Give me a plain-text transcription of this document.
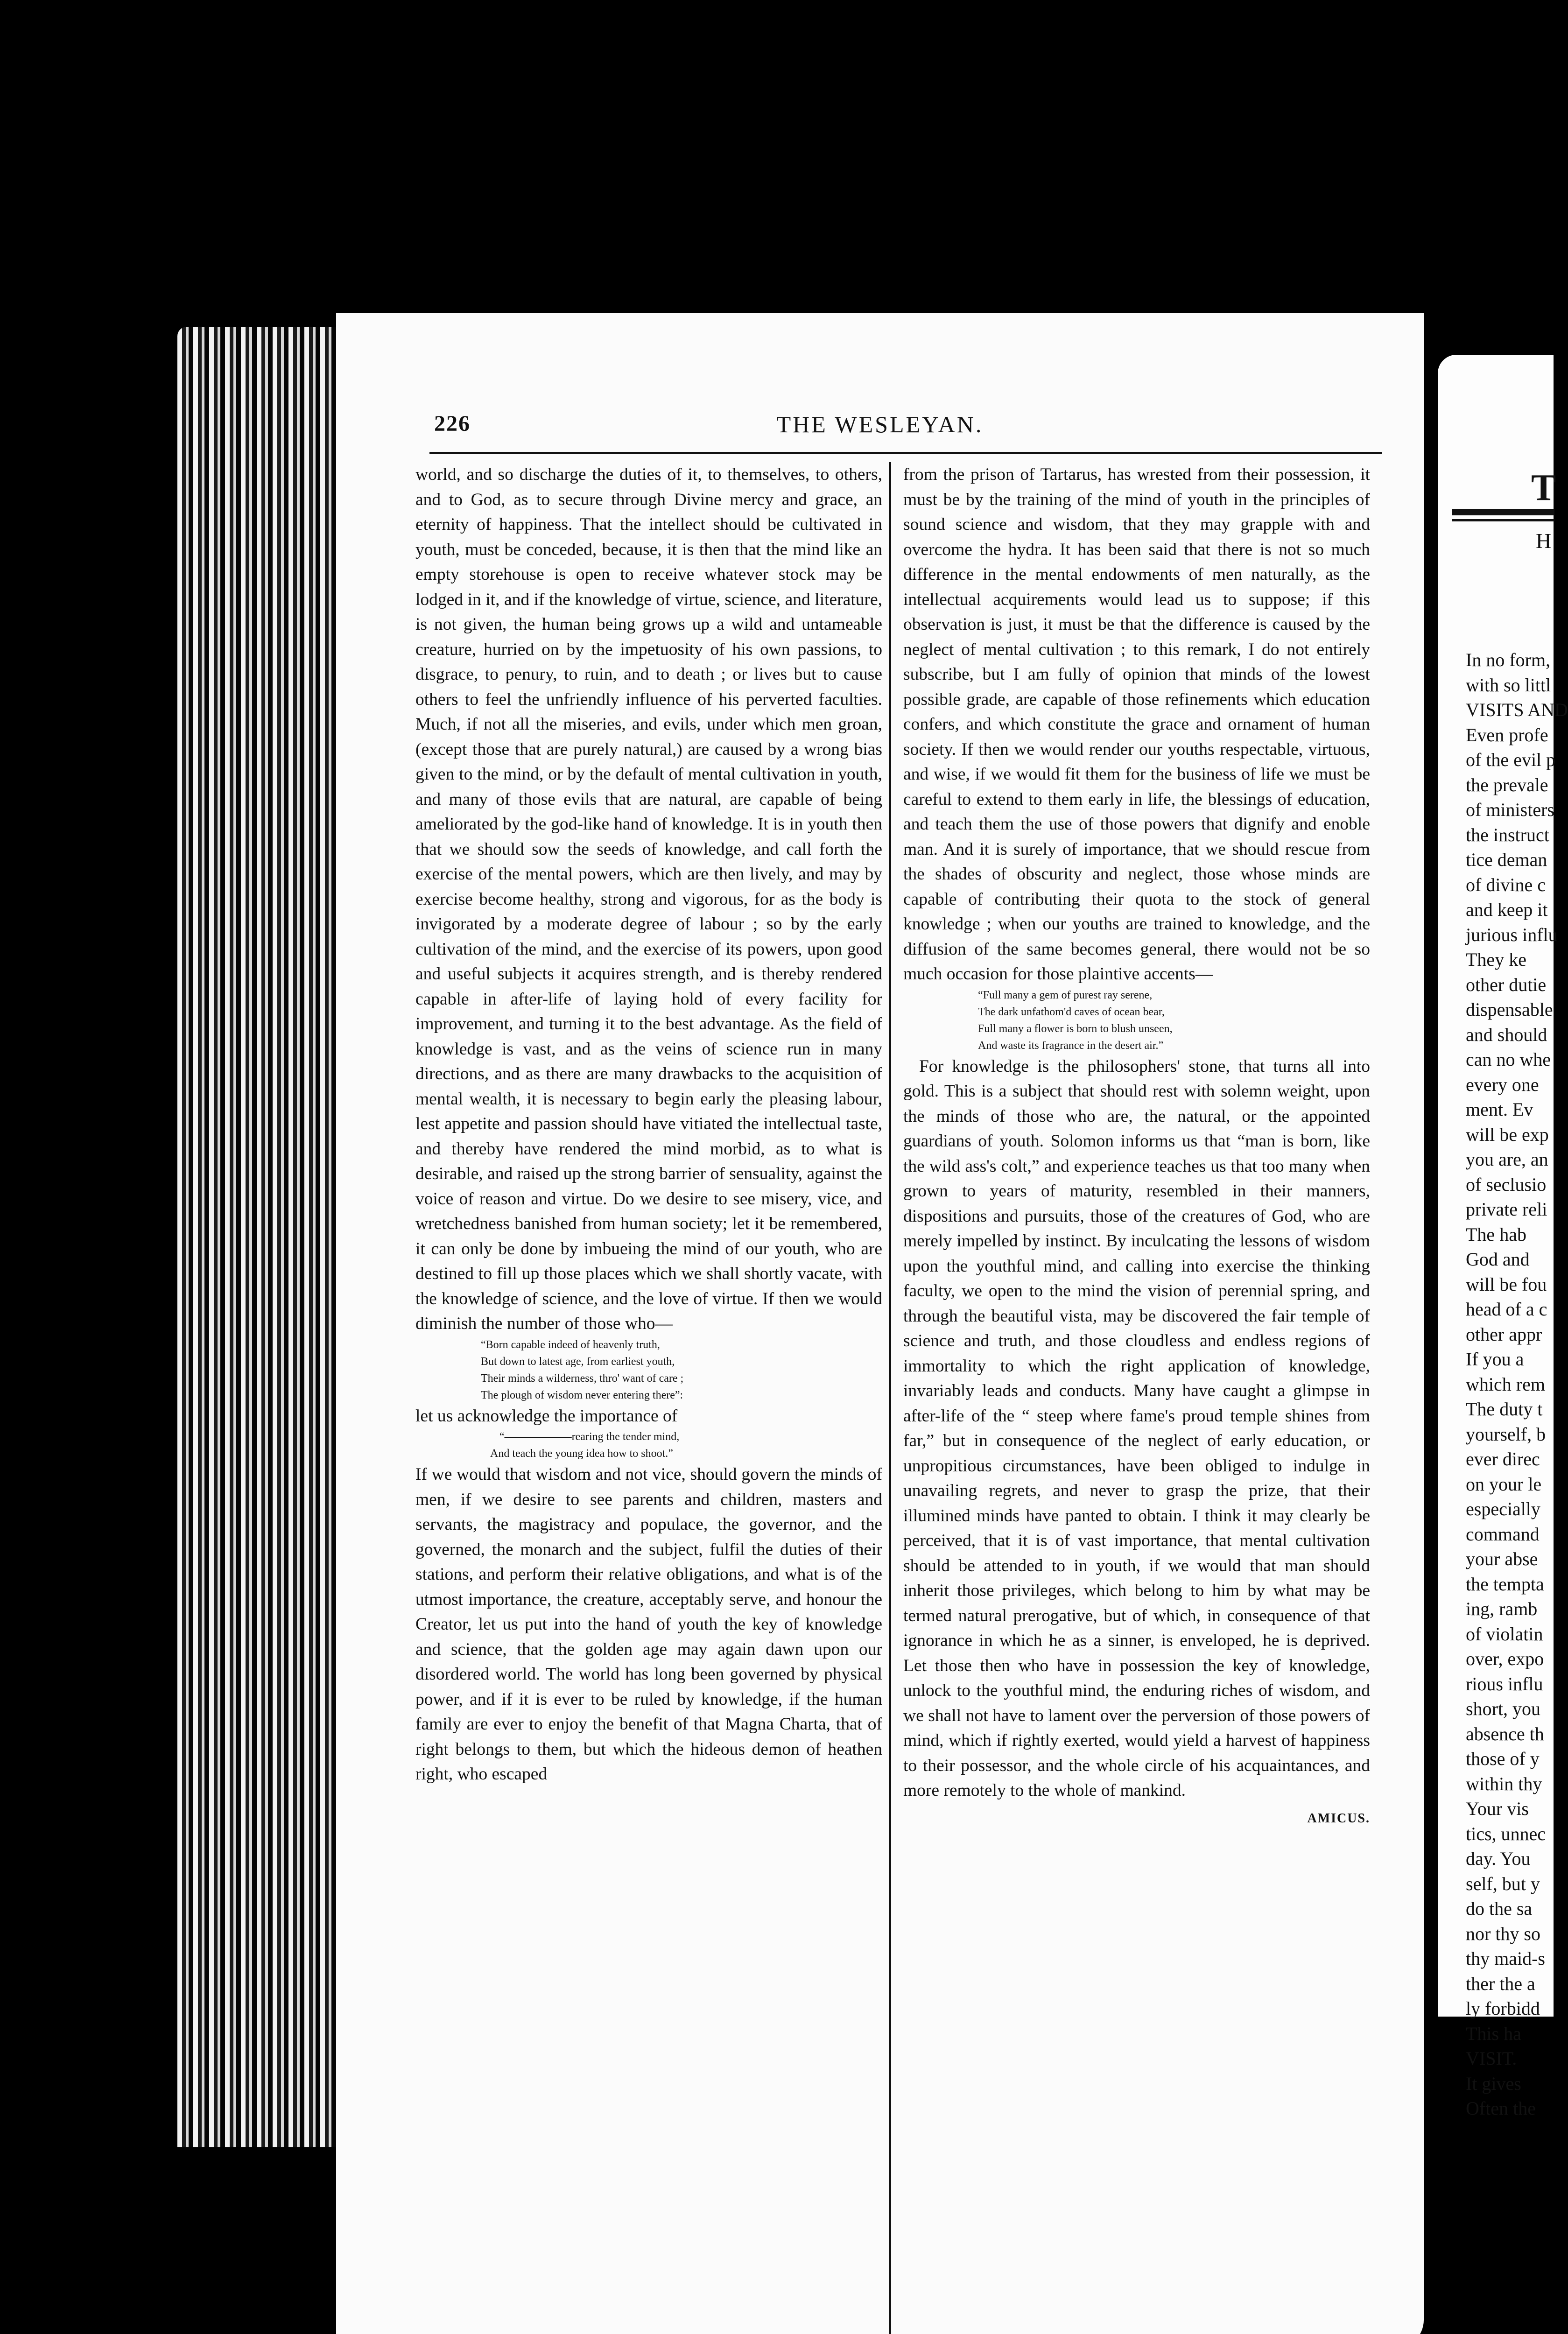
T
H

In no form,
with so littl
VISITS AND
Even profe
of the evil p
the prevale
of ministers
the instruct
tice deman
of divine c
and keep it
jurious influ
They ke
other dutie
dispensable
and should
can no whe
every one
ment. Ev
will be exp
you are, an
of seclusio
private reli
The hab
God and
will be fou
head of a c
other appr
If you a
which rem
The duty t
yourself, b
ever direc
on your le
especially
command
your abse
the tempta
ing, ramb
of violatin
over, expo
rious influ
short, you
absence th
those of y
within thy
Your vis
tics, unnec
day. You
self, but y
do the sa
nor thy so
thy maid-s
ther the a
ly forbidd
This ha
VISIT.
It gives
Often the
226	THE WESLEYAN.

world, and so discharge the duties of it, to themselves, to others, and to God, as to secure through Divine mercy and grace, an eternity of happiness. That the intellect should be cultivated in youth, must be conceded, because, it is then that the mind like an empty storehouse is open to receive whatever stock may be lodged in it, and if the knowledge of virtue, science, and literature, is not given, the human being grows up a wild and untameable creature, hurried on by the impetuosity of his own passions, to disgrace, to penury, to ruin, and to death ; or lives but to cause others to feel the unfriendly influence of his perverted faculties. Much, if not all the miseries, and evils, under which men groan, (except those that are purely natural,) are caused by a wrong bias given to the mind, or by the default of mental cultivation in youth, and many of those evils that are natural, are capable of being ameliorated by the god-like hand of knowledge. It is in youth then that we should sow the seeds of knowledge, and call forth the exercise of the mental powers, which are then lively, and may by exercise become healthy, strong and vigorous, for as the body is invigorated by a moderate degree of labour ; so by the early cultivation of the mind, and the exercise of its powers, upon good and useful subjects it acquires strength, and is thereby rendered capable in after-life of laying hold of every facility for improvement, and turning it to the best advantage. As the field of knowledge is vast, and as the veins of science run in many directions, and as there are many drawbacks to the acquisition of mental wealth, it is necessary to begin early the pleasing labour, lest appetite and passion should have vitiated the intellectual taste, and thereby have rendered the mind morbid, as to what is desirable, and raised up the strong barrier of sensuality, against the voice of reason and virtue. Do we desire to see misery, vice, and wretchedness banished from human society; let it be remembered, it can only be done by imbueing the mind of our youth, who are destined to fill up those places which we shall shortly vacate, with the knowledge of science, and the love of virtue. If then we would diminish the number of those who—

“Born capable indeed of heavenly truth,
But down to latest age, from earliest youth,
Their minds a wilderness, thro' want of care ;
The plough of wisdom never entering there”:

let us acknowledge the importance of

“——————rearing the tender mind,
And teach the young idea how to shoot.”

If we would that wisdom and not vice, should govern the minds of men, if we desire to see parents and children, masters and servants, the magistracy and populace, the governor, and the governed, the monarch and the subject, fulfil the duties of their stations, and perform their relative obligations, and what is of the utmost importance, the creature, acceptably serve, and honour the Creator, let us put into the hand of youth the key of knowledge and science, that the golden age may again dawn upon our disordered world. The world has long been governed by physical power, and if it is ever to be ruled by knowledge, if the human family are ever to enjoy the benefit of that Magna Charta, that of right belongs to them, but which the hideous demon of heathen right, who escaped

from the prison of Tartarus, has wrested from their possession, it must be by the training of the mind of youth in the principles of sound science and wisdom, that they may grapple with and overcome the hydra. It has been said that there is not so much difference in the mental endowments of men naturally, as the intellectual acquirements would lead us to suppose; if this observation is just, it must be that the difference is caused by the neglect of mental cultivation ; to this remark, I do not entirely subscribe, but I am fully of opinion that minds of the lowest possible grade, are capable of those refinements which education confers, and which constitute the grace and ornament of human society. If then we would render our youths respectable, virtuous, and wise, if we would fit them for the business of life we must be careful to extend to them early in life, the blessings of education, and teach them the use of those powers that dignify and enoble man. And it is surely of importance, that we should rescue from the shades of obscurity and neglect, those whose minds are capable of contributing their quota to the stock of general knowledge ; when our youths are trained to knowledge, and the diffusion of the same becomes general, there would not be so much occasion for those plaintive accents—

“Full many a gem of purest ray serene,
The dark unfathom'd caves of ocean bear,
Full many a flower is born to blush unseen,
And waste its fragrance in the desert air.”

For knowledge is the philosophers' stone, that turns all into gold. This is a subject that should rest with solemn weight, upon the minds of those who are, the natural, or the appointed guardians of youth. Solomon informs us that “man is born, like the wild ass's colt,” and experience teaches us that too many when grown to years of maturity, resembled in their manners, dispositions and pursuits, those of the creatures of God, who are merely impelled by instinct. By inculcating the lessons of wisdom upon the youthful mind, and calling into exercise the thinking faculty, we open to the mind the vision of perennial spring, and through the beautiful vista, may be discovered the fair temple of science and truth, and those cloudless and endless regions of immortality to which the right application of knowledge, invariably leads and conducts. Many have caught a glimpse in after-life of the “ steep where fame's proud temple shines from far,” but in consequence of the neglect of early education, or unpropitious circumstances, have been obliged to indulge in unavailing regrets, and never to grasp the prize, that their illumined minds have panted to obtain. I think it may clearly be perceived, that it is of vast importance, that mental cultivation should be attended to in youth, if we would that man should inherit those privileges, which belong to him by what may be termed natural prerogative, but of which, in consequence of that ignorance in which he as a sinner, is enveloped, he is deprived. Let those then who have in possession the key of knowledge, unlock to the youthful mind, the enduring riches of wisdom, and we shall not have to lament over the perversion of those powers of mind, which if rightly exerted, would yield a harvest of happiness to their possessor, and the whole circle of his acquaintances, and more remotely to the whole of mankind.

AMICUS.
